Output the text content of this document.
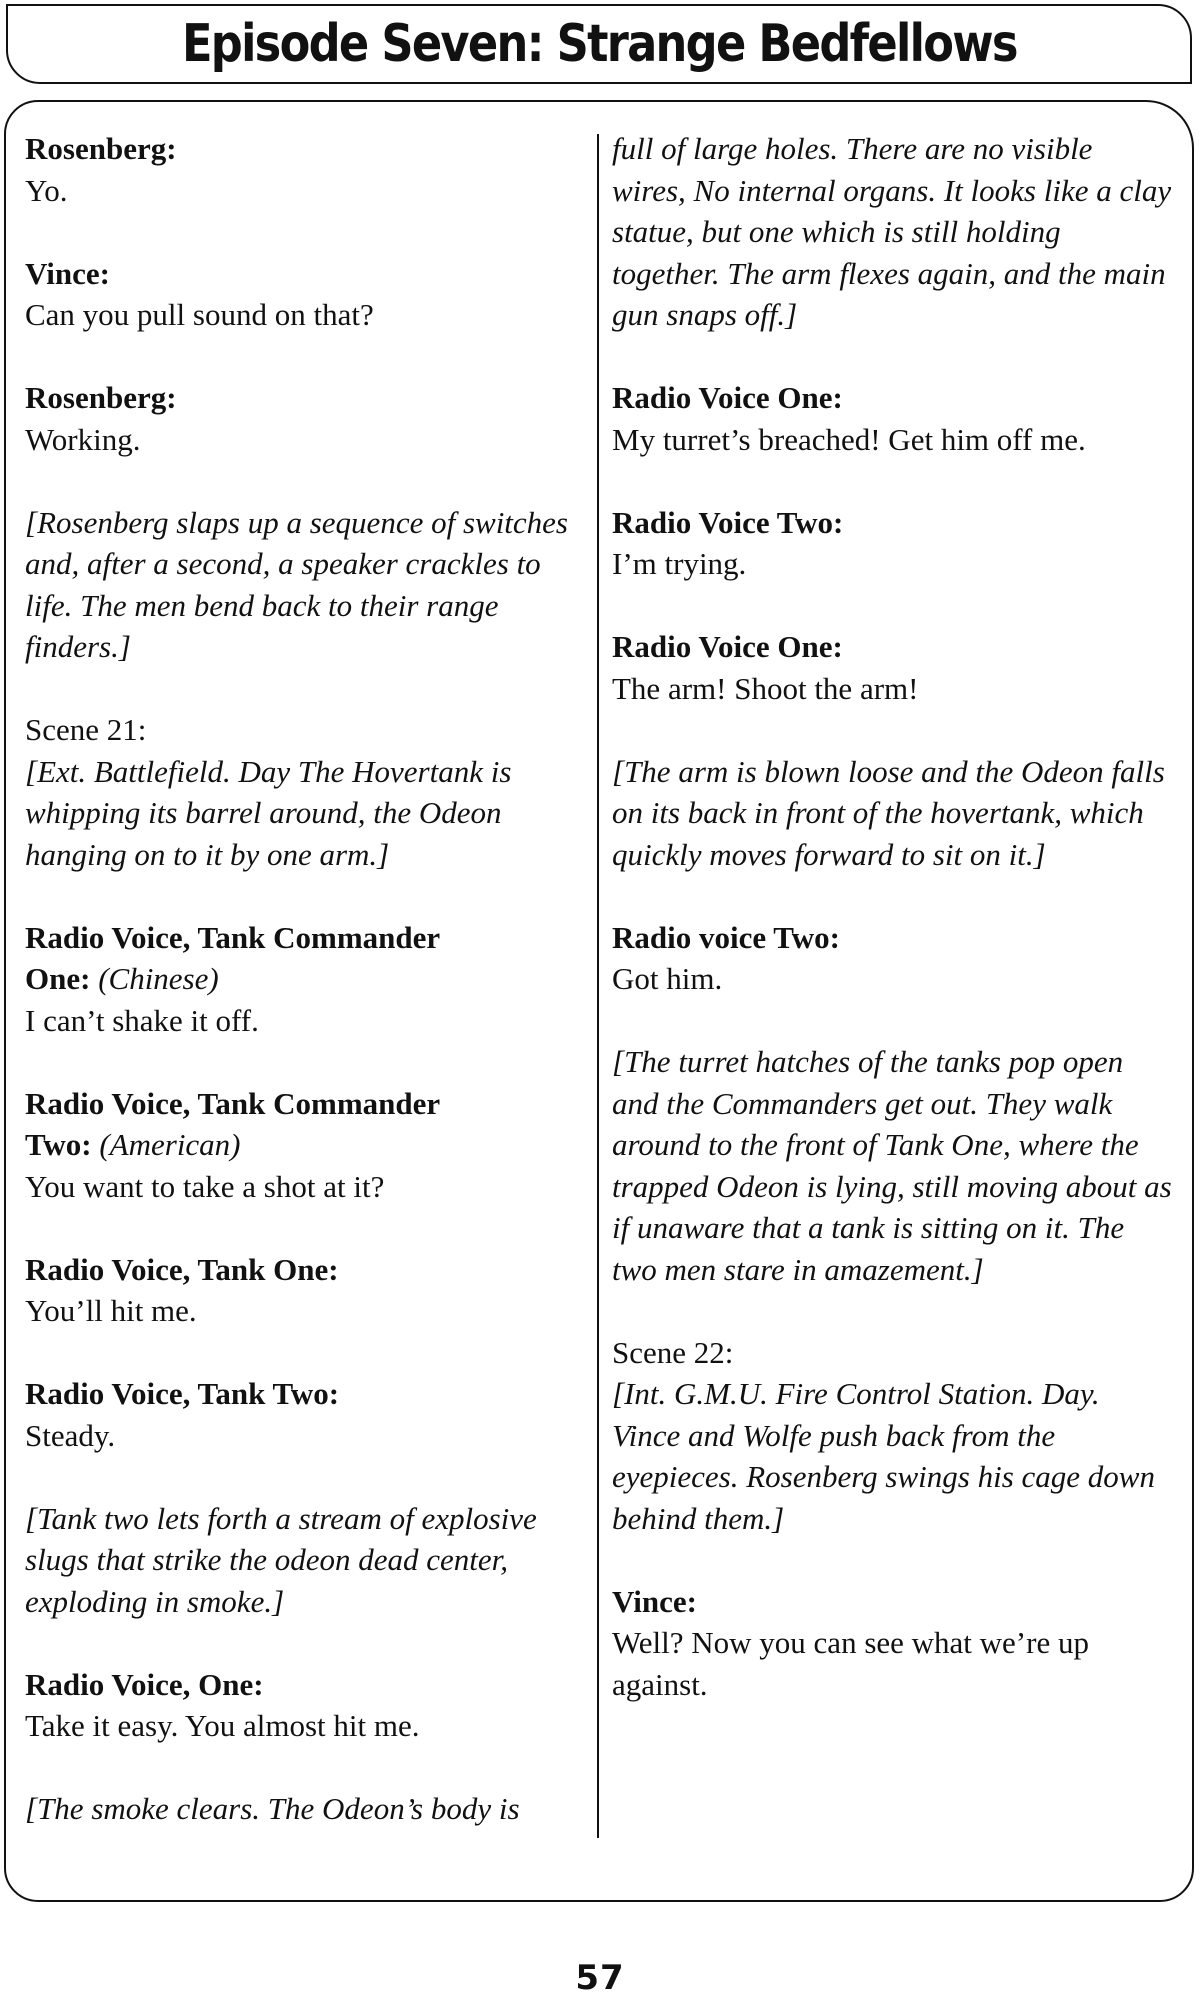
Episode Seven: Strange Bedfellows
Rosenberg:
Yo.
Vince:
Can you pull sound on that?
Rosenberg:
Working.
[Rosenberg slaps up a sequence of switches and, after a second, a speaker crackles to life. The men bend back to their range finders.]
Scene 21:
[Ext. Battlefield. Day The Hovertank is whipping its barrel around, the Odeon hanging on to it by one arm.]
Radio Voice, Tank Commander
One: (Chinese)
I can’t shake it off.
Radio Voice, Tank Commander
Two: (American)
You want to take a shot at it?
Radio Voice, Tank One:
You’ll hit me.
Radio Voice, Tank Two:
Steady.
[Tank two lets forth a stream of explosive slugs that strike the odeon dead center, exploding in smoke.]
Radio Voice, One:
Take it easy. You almost hit me.
[The smoke clears. The Odeon’s body is
full of large holes. There are no visible wires, No internal organs. It looks like a clay statue, but one which is still holding together. The arm flexes again, and the main gun snaps off.]
Radio Voice One:
My turret’s breached! Get him off me.
Radio Voice Two:
I’m trying.
Radio Voice One:
The arm! Shoot the arm!
[The arm is blown loose and the Odeon falls on its back in front of the hovertank, which quickly moves forward to sit on it.]
Radio voice Two:
Got him.
[The turret hatches of the tanks pop open and the Commanders get out. They walk around to the front of Tank One, where the trapped Odeon is lying, still moving about as if unaware that a tank is sitting on it. The two men stare in amazement.]
Scene 22:
[Int. G.M.U. Fire Control Station. Day. Vince and Wolfe push back from the eyepieces. Rosenberg swings his cage down behind them.]
Vince:
Well? Now you can see what we’re up against.
57
